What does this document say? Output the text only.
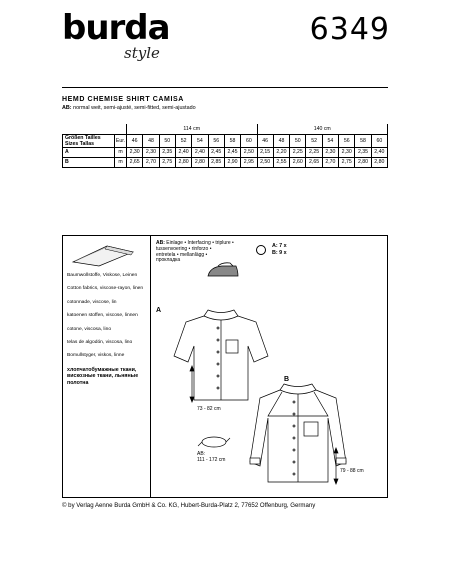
burda
style
6349
HEMD CHEMISE SHIRT CAMISA
AB: normal weit, semi-ajusté, semi-fitted, semi-ajustado
		114 cm								140 cm							

Größen Tailles
Sizes Tallas	Eur.	46	48	50	52	54	56	58	60	46	48	50	52	54	56	58	60
A	m	2,30	2,30	2,35	2,40	2,40	2,45	2,45	2,50	2,15	2,20	2,25	2,25	2,30	2,30	2,35	2,40
B	m	2,65	2,70	2,75	2,80	2,80	2,85	2,90	2,95	2,50	2,55	2,60	2,65	2,70	2,75	2,80	2,80
Baumwollstoffe, Viskose, Leinen
Cotton fabrics, viscose-rayon, linen
cotonnade, viscose, lin
katoenen stoffen, viscose, linnen
cotone, viscosa, lino
telas de algodón, viscosa, lino
Bomullstyger, viskos, linne
хлопчатобумажные ткани, вискозные ткани, льняные полотна
AB: Einlage • Interfacing • triplure •
tussenvoering • rinforzo •
entretela • mellanlägg •
прокладка
A: 7 x
B: 9 x
A
B
73 - 82 cm
79 - 88 cm
AB:
111 - 172 cm
© by Verlag Aenne Burda GmbH & Co. KG, Hubert-Burda-Platz 2, 77652 Offenburg, Germany
